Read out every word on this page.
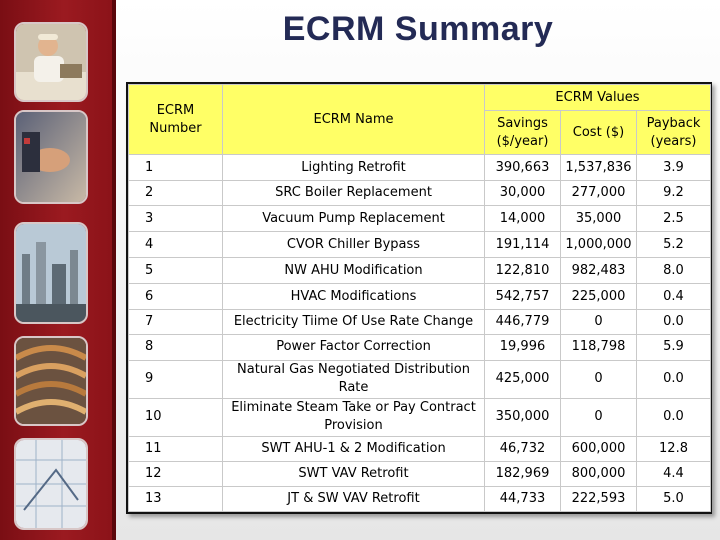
ECRM Summary
ECRM Number	ECRM Name	ECRM Values		
		Savings ($/year)	Cost ($)	Payback (years)
1	Lighting Retrofit	390,663	1,537,836	3.9
2	SRC Boiler Replacement	30,000	277,000	9.2
3	Vacuum Pump Replacement	14,000	35,000	2.5
4	CVOR Chiller Bypass	191,114	1,000,000	5.2
5	NW AHU Modification	122,810	982,483	8.0
6	HVAC Modifications	542,757	225,000	0.4
7	Electricity Tiime Of Use Rate Change	446,779	0	0.0
8	Power Factor Correction	19,996	118,798	5.9
9	Natural Gas Negotiated Distribution Rate	425,000	0	0.0
10	Eliminate Steam Take or Pay Contract Provision	350,000	0	0.0
11	SWT AHU-1 & 2 Modification	46,732	600,000	12.8
12	SWT VAV Retrofit	182,969	800,000	4.4
13	JT & SW VAV Retrofit	44,733	222,593	5.0
